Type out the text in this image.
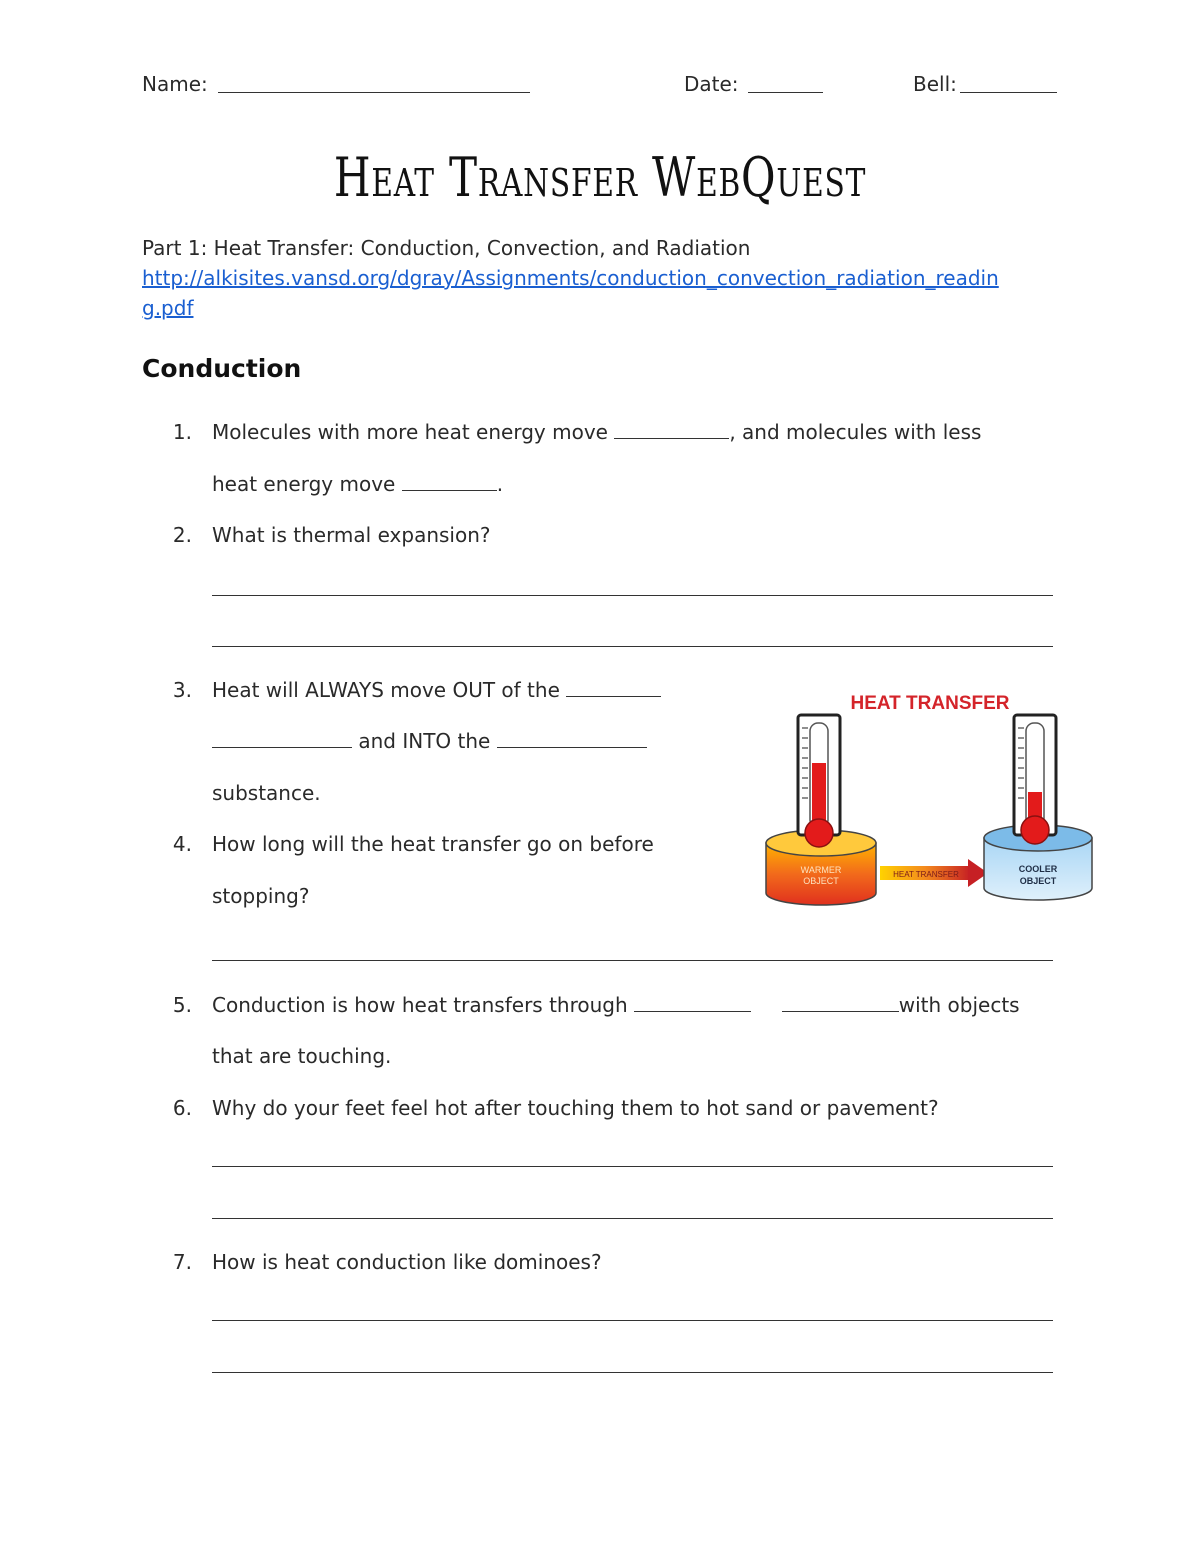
Name:	Date:	Bell:
Heat Transfer WebQuest
Part 1: Heat Transfer: Conduction, Convection, and Radiation
http://alkisites.vansd.org/dgray/Assignments/conduction_convection_radiation_readin
g.pdf
Conduction
1. Molecules with more heat energy move	, and molecules with less
heat energy move	.
2. What is thermal expansion?
3. Heat will ALWAYS move OUT of the
and INTO the
substance.
4. How long will the heat transfer go on before
stopping?
HEAT TRANSFER
WARMER
OBJECT
HEAT TRANSFER
COOLER
OBJECT
5. Conduction is how heat transfers through	with objects
that are touching.
6. Why do your feet feel hot after touching them to hot sand or pavement?
7. How is heat conduction like dominoes?
